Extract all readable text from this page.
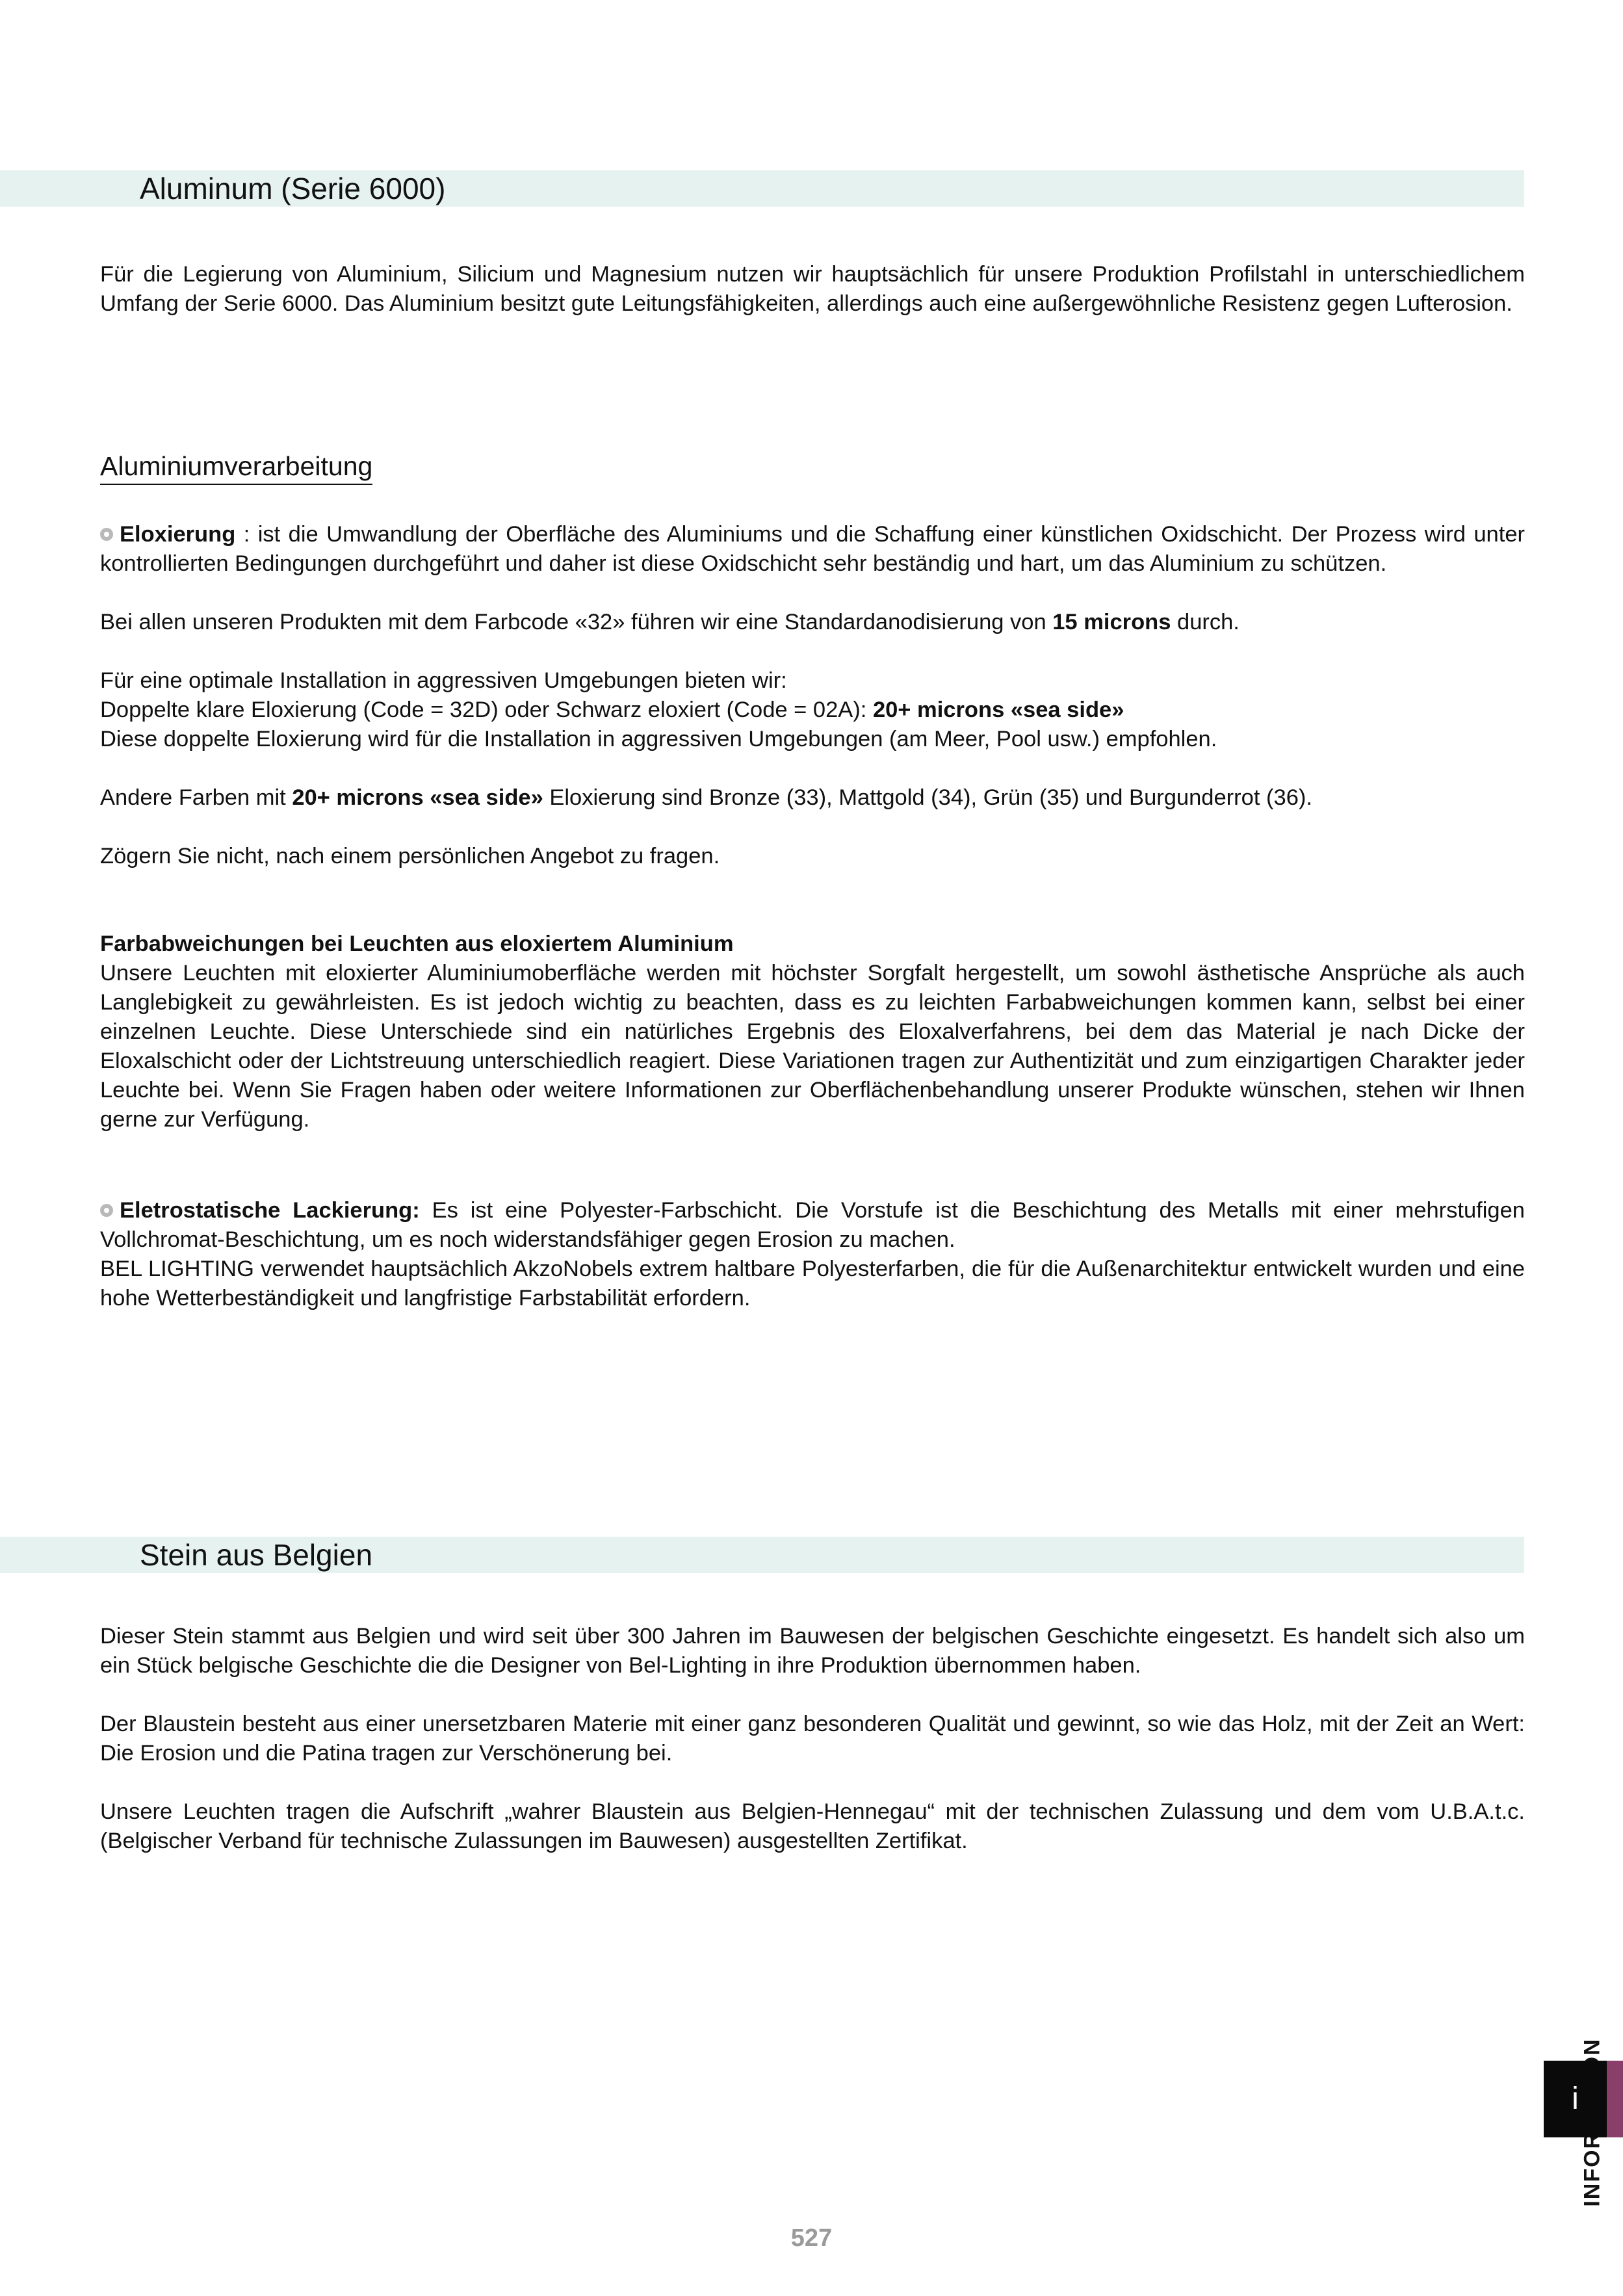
Aluminum (Serie 6000)

Für die Legierung von Aluminium, Silicium und Magnesium nutzen wir hauptsächlich für unsere Produktion Profilstahl in unterschiedlichem Umfang der Serie 6000. Das Aluminium besitzt gute Leitungsfähigkeiten, allerdings auch eine außergewöhnliche Resistenz gegen Lufterosion.

Aluminiumverarbeitung

Eloxierung : ist die Umwandlung der Oberfläche des Aluminiums und die Schaffung einer künstlichen Oxidschicht. Der Prozess wird unter kontrollierten Bedingungen durchgeführt und daher ist diese Oxidschicht sehr beständig und hart, um das Aluminium zu schützen.

Bei allen unseren Produkten mit dem Farbcode «32» führen wir eine Standardanodisierung von 15 microns durch.

Für eine optimale Installation in aggressiven Umgebungen bieten wir:

Doppelte klare Eloxierung (Code = 32D) oder Schwarz eloxiert (Code = 02A): 20+ microns «sea side»

Diese doppelte Eloxierung wird für die Installation in aggressiven Umgebungen (am Meer, Pool usw.) empfohlen.

Andere Farben mit 20+ microns «sea side» Eloxierung sind Bronze (33), Mattgold (34), Grün (35) und Burgunderrot (36).

Zögern Sie nicht, nach einem persönlichen Angebot zu fragen.

Farbabweichungen bei Leuchten aus eloxiertem Aluminium

Unsere Leuchten mit eloxierter Aluminiumoberfläche werden mit höchster Sorgfalt hergestellt, um sowohl ästhetische Ansprüche als auch Langlebigkeit zu gewährleisten. Es ist jedoch wichtig zu beachten, dass es zu leichten Farbabweichungen kommen kann, selbst bei einer einzelnen Leuchte. Diese Unterschiede sind ein natürliches Ergebnis des Eloxalverfahrens, bei dem das Material je nach Dicke der Eloxalschicht oder der Lichtstreuung unterschiedlich reagiert. Diese Variationen tragen zur Authentizität und zum einzigartigen Charakter jeder Leuchte bei. Wenn Sie Fragen haben oder weitere Informationen zur Oberflächenbehandlung unserer Produkte wünschen, stehen wir Ihnen gerne zur Verfügung.

Eletrostatische Lackierung: Es ist eine Polyester-Farbschicht. Die Vorstufe ist die Beschichtung des Metalls mit einer mehrstufigen Vollchromat-Beschichtung, um es noch widerstandsfähiger gegen Erosion zu machen.

BEL LIGHTING verwendet hauptsächlich AkzoNobels extrem haltbare Polyesterfarben, die für die Außenarchitektur entwickelt wurden und eine hohe Wetterbeständigkeit und langfristige Farbstabilität erfordern.

Stein aus Belgien

Dieser Stein stammt aus Belgien und wird seit über 300 Jahren im Bauwesen der belgischen Geschichte eingesetzt. Es handelt sich also um ein Stück belgische Geschichte die die Designer von Bel-Lighting in ihre Produktion übernommen haben.

Der Blaustein besteht aus einer unersetzbaren Materie mit einer ganz besonderen Qualität und gewinnt, so wie das Holz, mit der Zeit an Wert: Die Erosion und die Patina tragen zur Verschönerung bei.

Unsere Leuchten tragen die Aufschrift „wahrer Blaustein aus Belgien-Hennegau“ mit der technischen Zulassung und dem vom U.B.A.t.c. (Belgischer Verband für technische Zulassungen im Bauwesen) ausgestellten Zertifikat.

i
527
